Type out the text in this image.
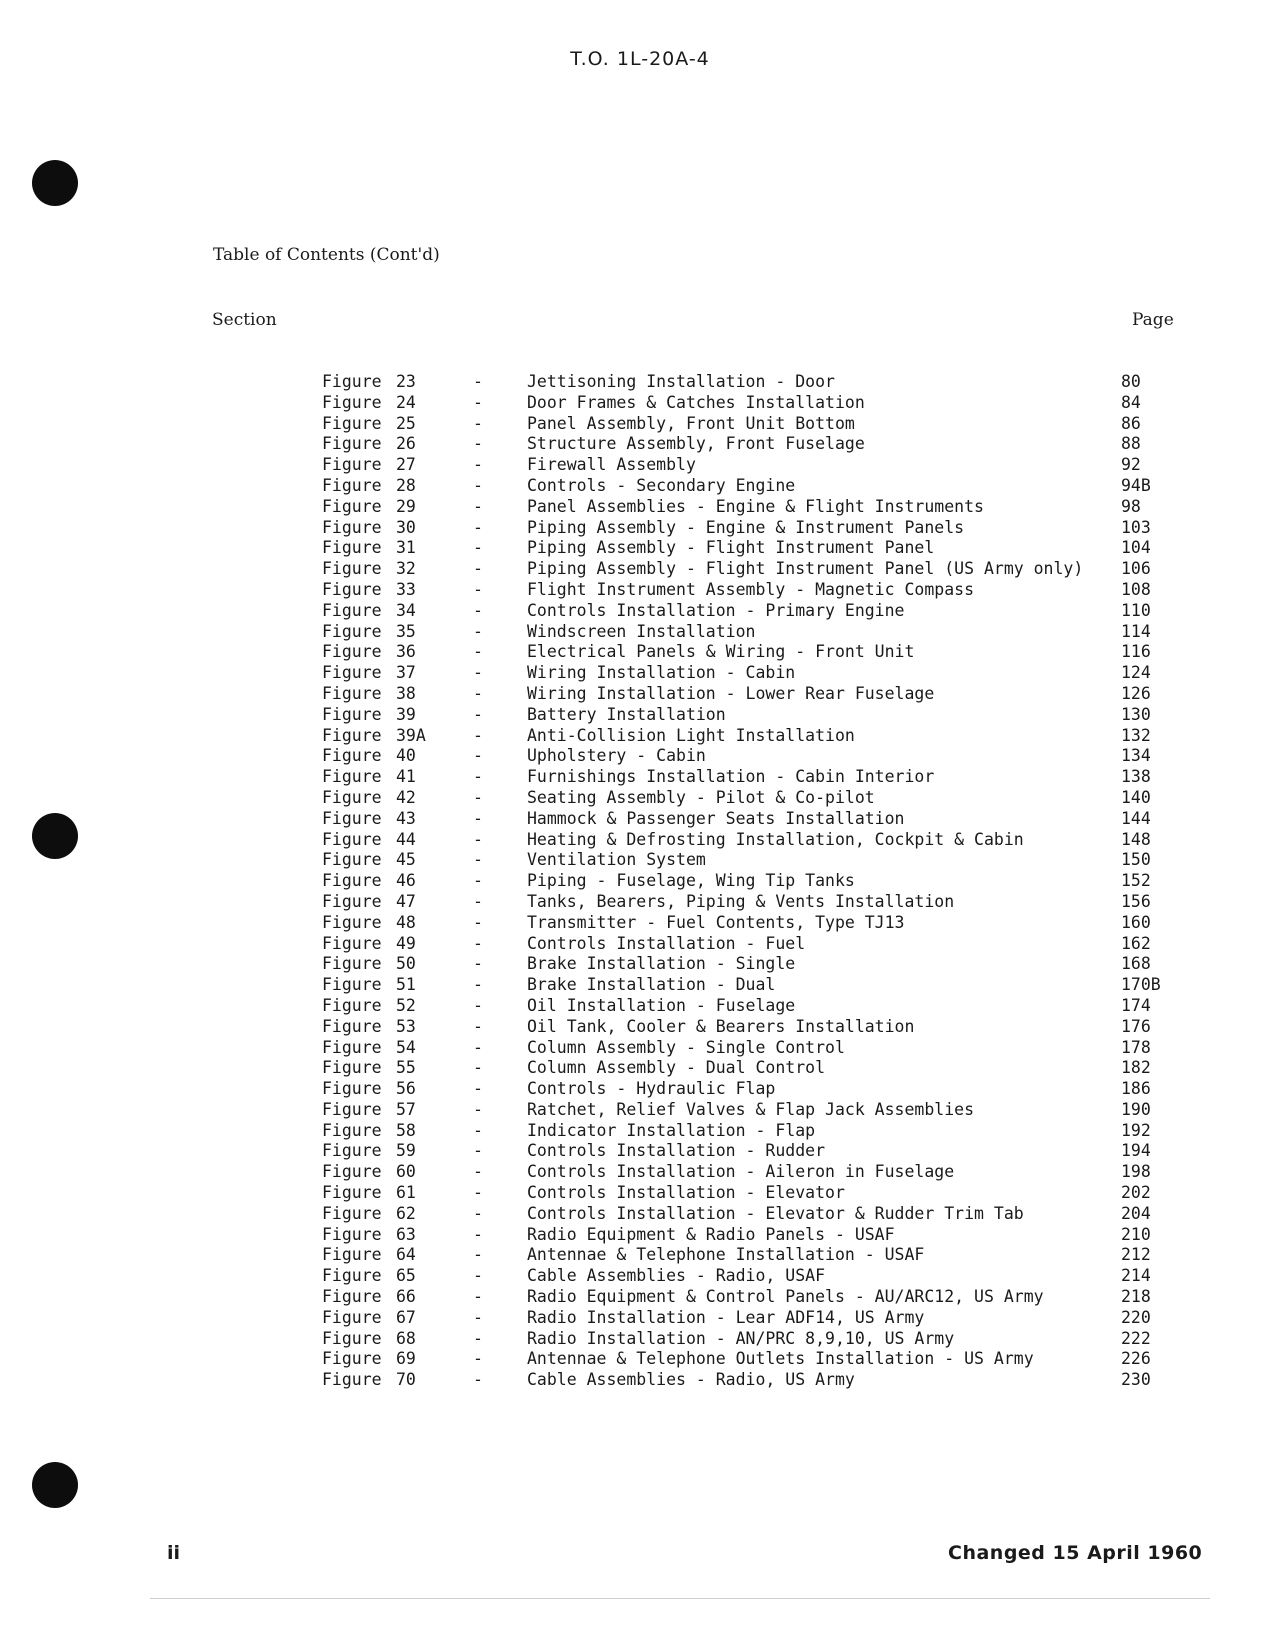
T.O. 1L-20A-4
Table of Contents (Cont'd)
Section	Page
Figure 23	-	Jettisoning Installation - Door	80
Figure 24	-	Door Frames & Catches Installation	84
Figure 25	-	Panel Assembly, Front Unit Bottom	86
Figure 26	-	Structure Assembly, Front Fuselage	88
Figure 27	-	Firewall Assembly	92
Figure 28	-	Controls - Secondary Engine	94B
Figure 29	-	Panel Assemblies - Engine & Flight Instruments	98
Figure 30	-	Piping Assembly - Engine & Instrument Panels	103
Figure 31	-	Piping Assembly - Flight Instrument Panel	104
Figure 32	-	Piping Assembly - Flight Instrument Panel (US Army only) 106
Figure 33	-	Flight Instrument Assembly - Magnetic Compass	108
Figure 34	-	Controls Installation - Primary Engine	110
Figure 35	-	Windscreen Installation	114
Figure 36	-	Electrical Panels & Wiring - Front Unit	116
Figure 37	-	Wiring Installation - Cabin	124
Figure 38	-	Wiring Installation - Lower Rear Fuselage	126
Figure 39	-	Battery Installation	130
Figure 39A	-	Anti-Collision Light Installation	132
Figure 40	-	Upholstery - Cabin	134
Figure 41	-	Furnishings Installation - Cabin Interior	138
Figure 42	-	Seating Assembly - Pilot & Co-pilot	140
Figure 43	-	Hammock & Passenger Seats Installation	144
Figure 44	-	Heating & Defrosting Installation, Cockpit & Cabin	148
Figure 45	-	Ventilation System	150
Figure 46	-	Piping - Fuselage, Wing Tip Tanks	152
Figure 47	-	Tanks, Bearers, Piping & Vents Installation	156
Figure 48	-	Transmitter - Fuel Contents, Type TJ13	160
Figure 49	-	Controls Installation - Fuel	162
Figure 50	-	Brake Installation - Single	168
Figure 51	-	Brake Installation - Dual	170B
Figure 52	-	Oil Installation - Fuselage	174
Figure 53	-	Oil Tank, Cooler & Bearers Installation	176
Figure 54	-	Column Assembly - Single Control	178
Figure 55	-	Column Assembly - Dual Control	182
Figure 56	-	Controls - Hydraulic Flap	186
Figure 57	-	Ratchet, Relief Valves & Flap Jack Assemblies	190
Figure 58	-	Indicator Installation - Flap	192
Figure 59	-	Controls Installation - Rudder	194
Figure 60	-	Controls Installation - Aileron in Fuselage	198
Figure 61	-	Controls Installation - Elevator	202
Figure 62	-	Controls Installation - Elevator & Rudder Trim Tab	204
Figure 63	-	Radio Equipment & Radio Panels - USAF	210
Figure 64	-	Antennae & Telephone Installation - USAF	212
Figure 65	-	Cable Assemblies - Radio, USAF	214
Figure 66	-	Radio Equipment & Control Panels - AU/ARC12, US Army	218
Figure 67	-	Radio Installation - Lear ADF14, US Army	220
Figure 68	-	Radio Installation - AN/PRC 8,9,10, US Army	222
Figure 69	-	Antennae & Telephone Outlets Installation - US Army	226
Figure 70	-	Cable Assemblies - Radio, US Army	230
ii	Changed 15 April 1960
